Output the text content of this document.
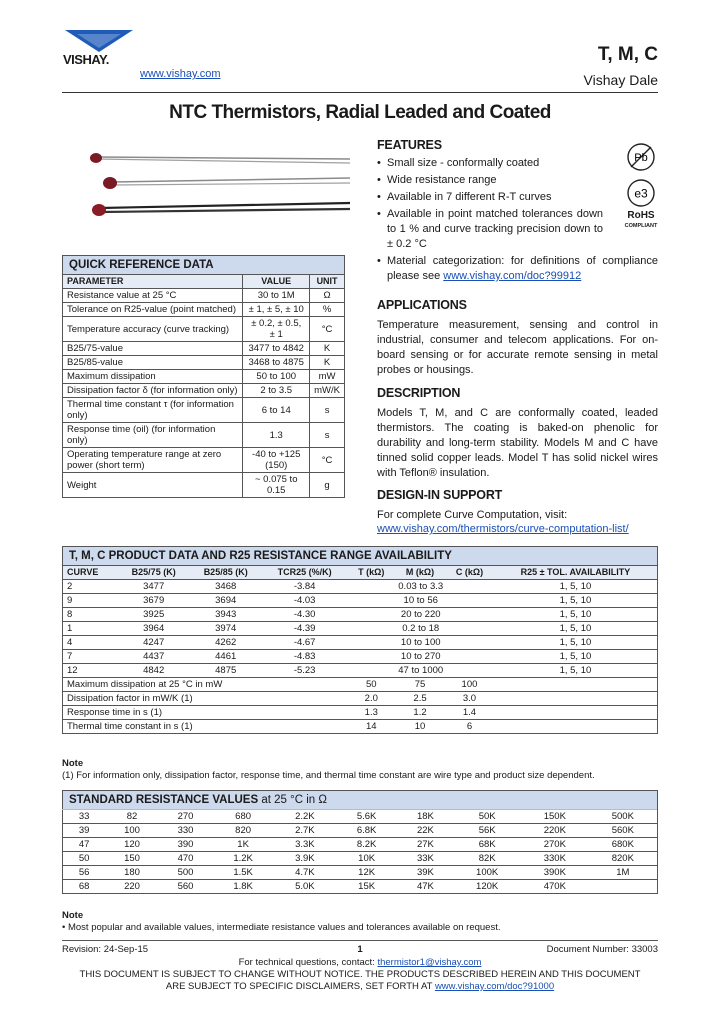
VISHAY.
www.vishay.com
T, M, C
Vishay Dale
NTC Thermistors, Radial Leaded and Coated
FEATURES
• Small size - conformally coated
• Wide resistance range
• Available in 7 different R-T curves
• Available in point matched tolerances down to 1 % and curve tracking precision down to ± 0.2 °C
• Material categorization: for definitions of compliance please see www.vishay.com/doc?99912
Pb
e3
RoHS
COMPLIANT
APPLICATIONS
Temperature measurement, sensing and control in industrial, consumer and telecom applications. For on-board sensing or for accurate remote sensing in metal probes or housings.
DESCRIPTION
Models T, M, and C are conformally coated, leaded thermistors. The coating is baked-on phenolic for durability and long-term stability. Models M and C have tinned solid copper leads. Model T has solid nickel wires with Teflon® insulation.
DESIGN-IN SUPPORT
For complete Curve Computation, visit:
www.vishay.com/thermistors/curve-computation-list/
QUICK REFERENCE DATA
PARAMETER	VALUE	UNIT
Resistance value at 25 °C	30 to 1M	Ω
Tolerance on R25-value (point matched)	± 1, ± 5, ± 10	%
Temperature accuracy (curve tracking)	± 0.2, ± 0.5, ± 1	°C
B25/75-value	3477 to 4842	K
B25/85-value	3468 to 4875	K
Maximum dissipation	50 to 100	mW
Dissipation factor δ (for information only)	2 to 3.5	mW/K
Thermal time constant τ (for information only)	6 to 14	s
Response time (oil) (for information only)	1.3	s
Operating temperature range at zero power (short term)	-40 to +125 (150)	°C
Weight	~ 0.075 to 0.15	g
T, M, C PRODUCT DATA AND R25 RESISTANCE RANGE AVAILABILITY
CURVE	B25/75 (K)	B25/85 (K)	TCR25 (%/K)	T (kΩ)	M (kΩ)	C (kΩ)	R25 ± TOL. AVAILABILITY
2	3477	3468	-3.84	0.03 to 3.3			1, 5, 10
9	3679	3694	-4.03	10 to 56			1, 5, 10
8	3925	3943	-4.30	20 to 220			1, 5, 10
1	3964	3974	-4.39	0.2 to 18			1, 5, 10
4	4247	4262	-4.67	10 to 100			1, 5, 10
7	4437	4461	-4.83	10 to 270			1, 5, 10
12	4842	4875	-5.23	47 to 1000			1, 5, 10
Maximum dissipation at 25 °C in mW				50	75	100	
Dissipation factor in mW/K (1)				2.0	2.5	3.0	
Response time in s (1)				1.3	1.2	1.4	
Thermal time constant in s (1)				14	10	6	
Note
(1) For information only, dissipation factor, response time, and thermal time constant are wire type and product size dependent.
STANDARD RESISTANCE VALUES at 25 °C in Ω
33	82	270	680	2.2K	5.6K	18K	50K	150K	500K
39	100	330	820	2.7K	6.8K	22K	56K	220K	560K
47	120	390	1K	3.3K	8.2K	27K	68K	270K	680K
50	150	470	1.2K	3.9K	10K	33K	82K	330K	820K
56	180	500	1.5K	4.7K	12K	39K	100K	390K	1M
68	220	560	1.8K	5.0K	15K	47K	120K	470K	
Note
• Most popular and available values, intermediate resistance values and tolerances available on request.
Revision: 24-Sep-15	1	Document Number: 33003
For technical questions, contact: thermistor1@vishay.com
THIS DOCUMENT IS SUBJECT TO CHANGE WITHOUT NOTICE. THE PRODUCTS DESCRIBED HEREIN AND THIS DOCUMENT
ARE SUBJECT TO SPECIFIC DISCLAIMERS, SET FORTH AT www.vishay.com/doc?91000
